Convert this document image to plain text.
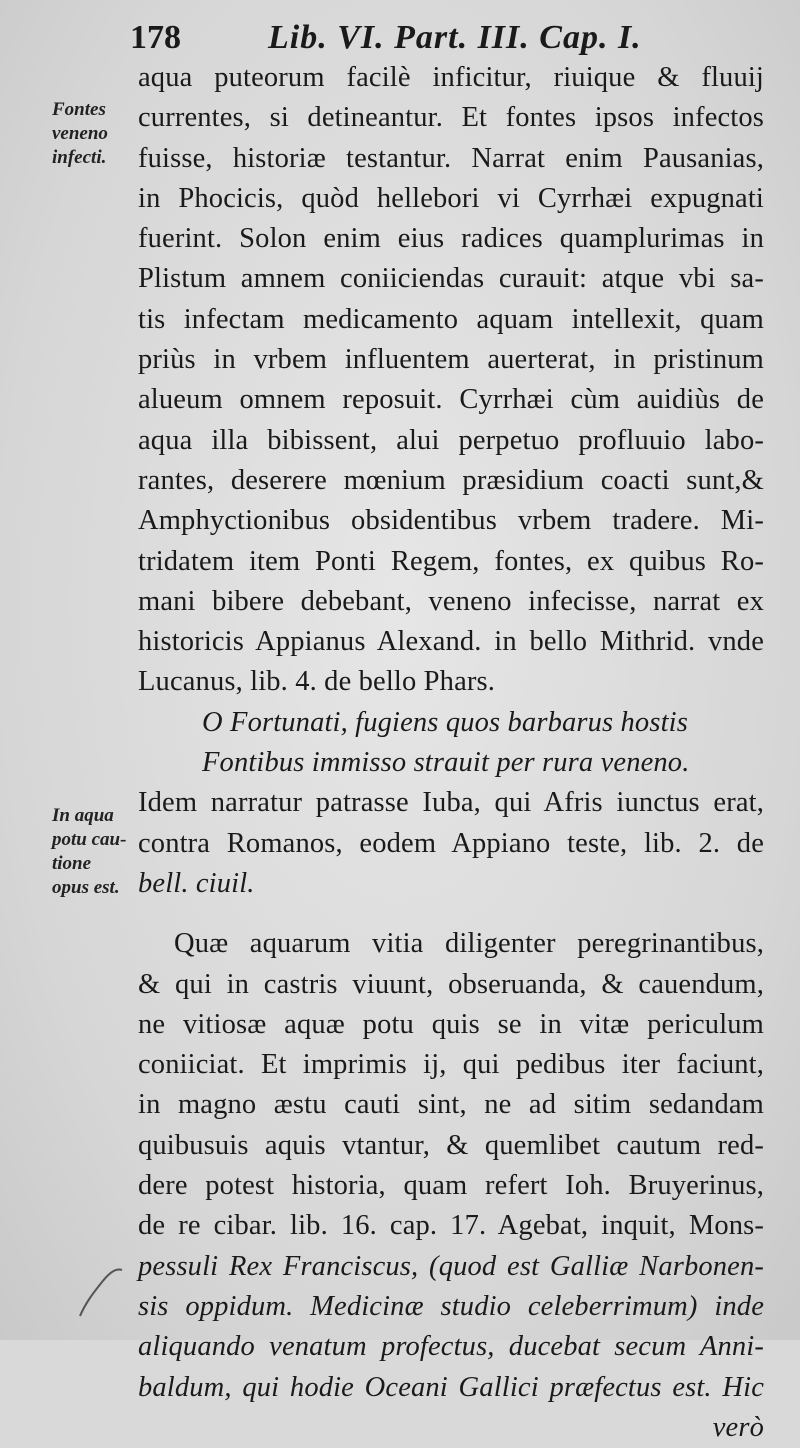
178	Lib. VI. Part. III. Cap. I.
Fontes
veneno
infecti.
In aqua
potu cau-
tione
opus est.
aqua puteorum facilè inficitur, riuique & fluuij
currentes, si detineantur. Et fontes ipsos infectos
fuisse, historiæ testantur. Narrat enim Pausanias,
in Phocicis, quòd hellebori vi Cyrrhæi expugnati
fuerint. Solon enim eius radices quamplurimas in
Plistum amnem coniiciendas curauit: atque vbi sa-
tis infectam medicamento aquam intellexit, quam
priùs in vrbem influentem auerterat, in pristinum
alueum omnem reposuit. Cyrrhæi cùm auidiùs de
aqua illa bibissent, alui perpetuo profluuio labo-
rantes, deserere mœnium præsidium coacti sunt,&
Amphyctionibus obsidentibus vrbem tradere. Mi-
tridatem item Ponti Regem, fontes, ex quibus Ro-
mani bibere debebant, veneno infecisse, narrat ex
historicis Appianus Alexand. in bello Mithrid. vnde
Lucanus, lib. 4. de bello Phars.
O Fortunati, fugiens quos barbarus hostis
Fontibus immisso strauit per rura veneno.
Idem narratur patrasse Iuba, qui Afris iunctus erat,
contra Romanos, eodem Appiano teste, lib. 2. de
bell. ciuil.
Quæ aquarum vitia diligenter peregrinantibus,
& qui in castris viuunt, obseruanda, & cauendum,
ne vitiosæ aquæ potu quis se in vitæ periculum
coniiciat. Et imprimis ij, qui pedibus iter faciunt,
in magno æstu cauti sint, ne ad sitim sedandam
quibusuis aquis vtantur, & quemlibet cautum red-
dere potest historia, quam refert Ioh. Bruyerinus,
de re cibar. lib. 16. cap. 17. Agebat, inquit, Mons-
pessuli Rex Franciscus, (quod est Galliæ Narbonen-
sis oppidum. Medicinæ studio celeberrimum) inde
aliquando venatum profectus, ducebat secum Anni-
baldum, qui hodie Oceani Gallici præfectus est. Hic
verò
